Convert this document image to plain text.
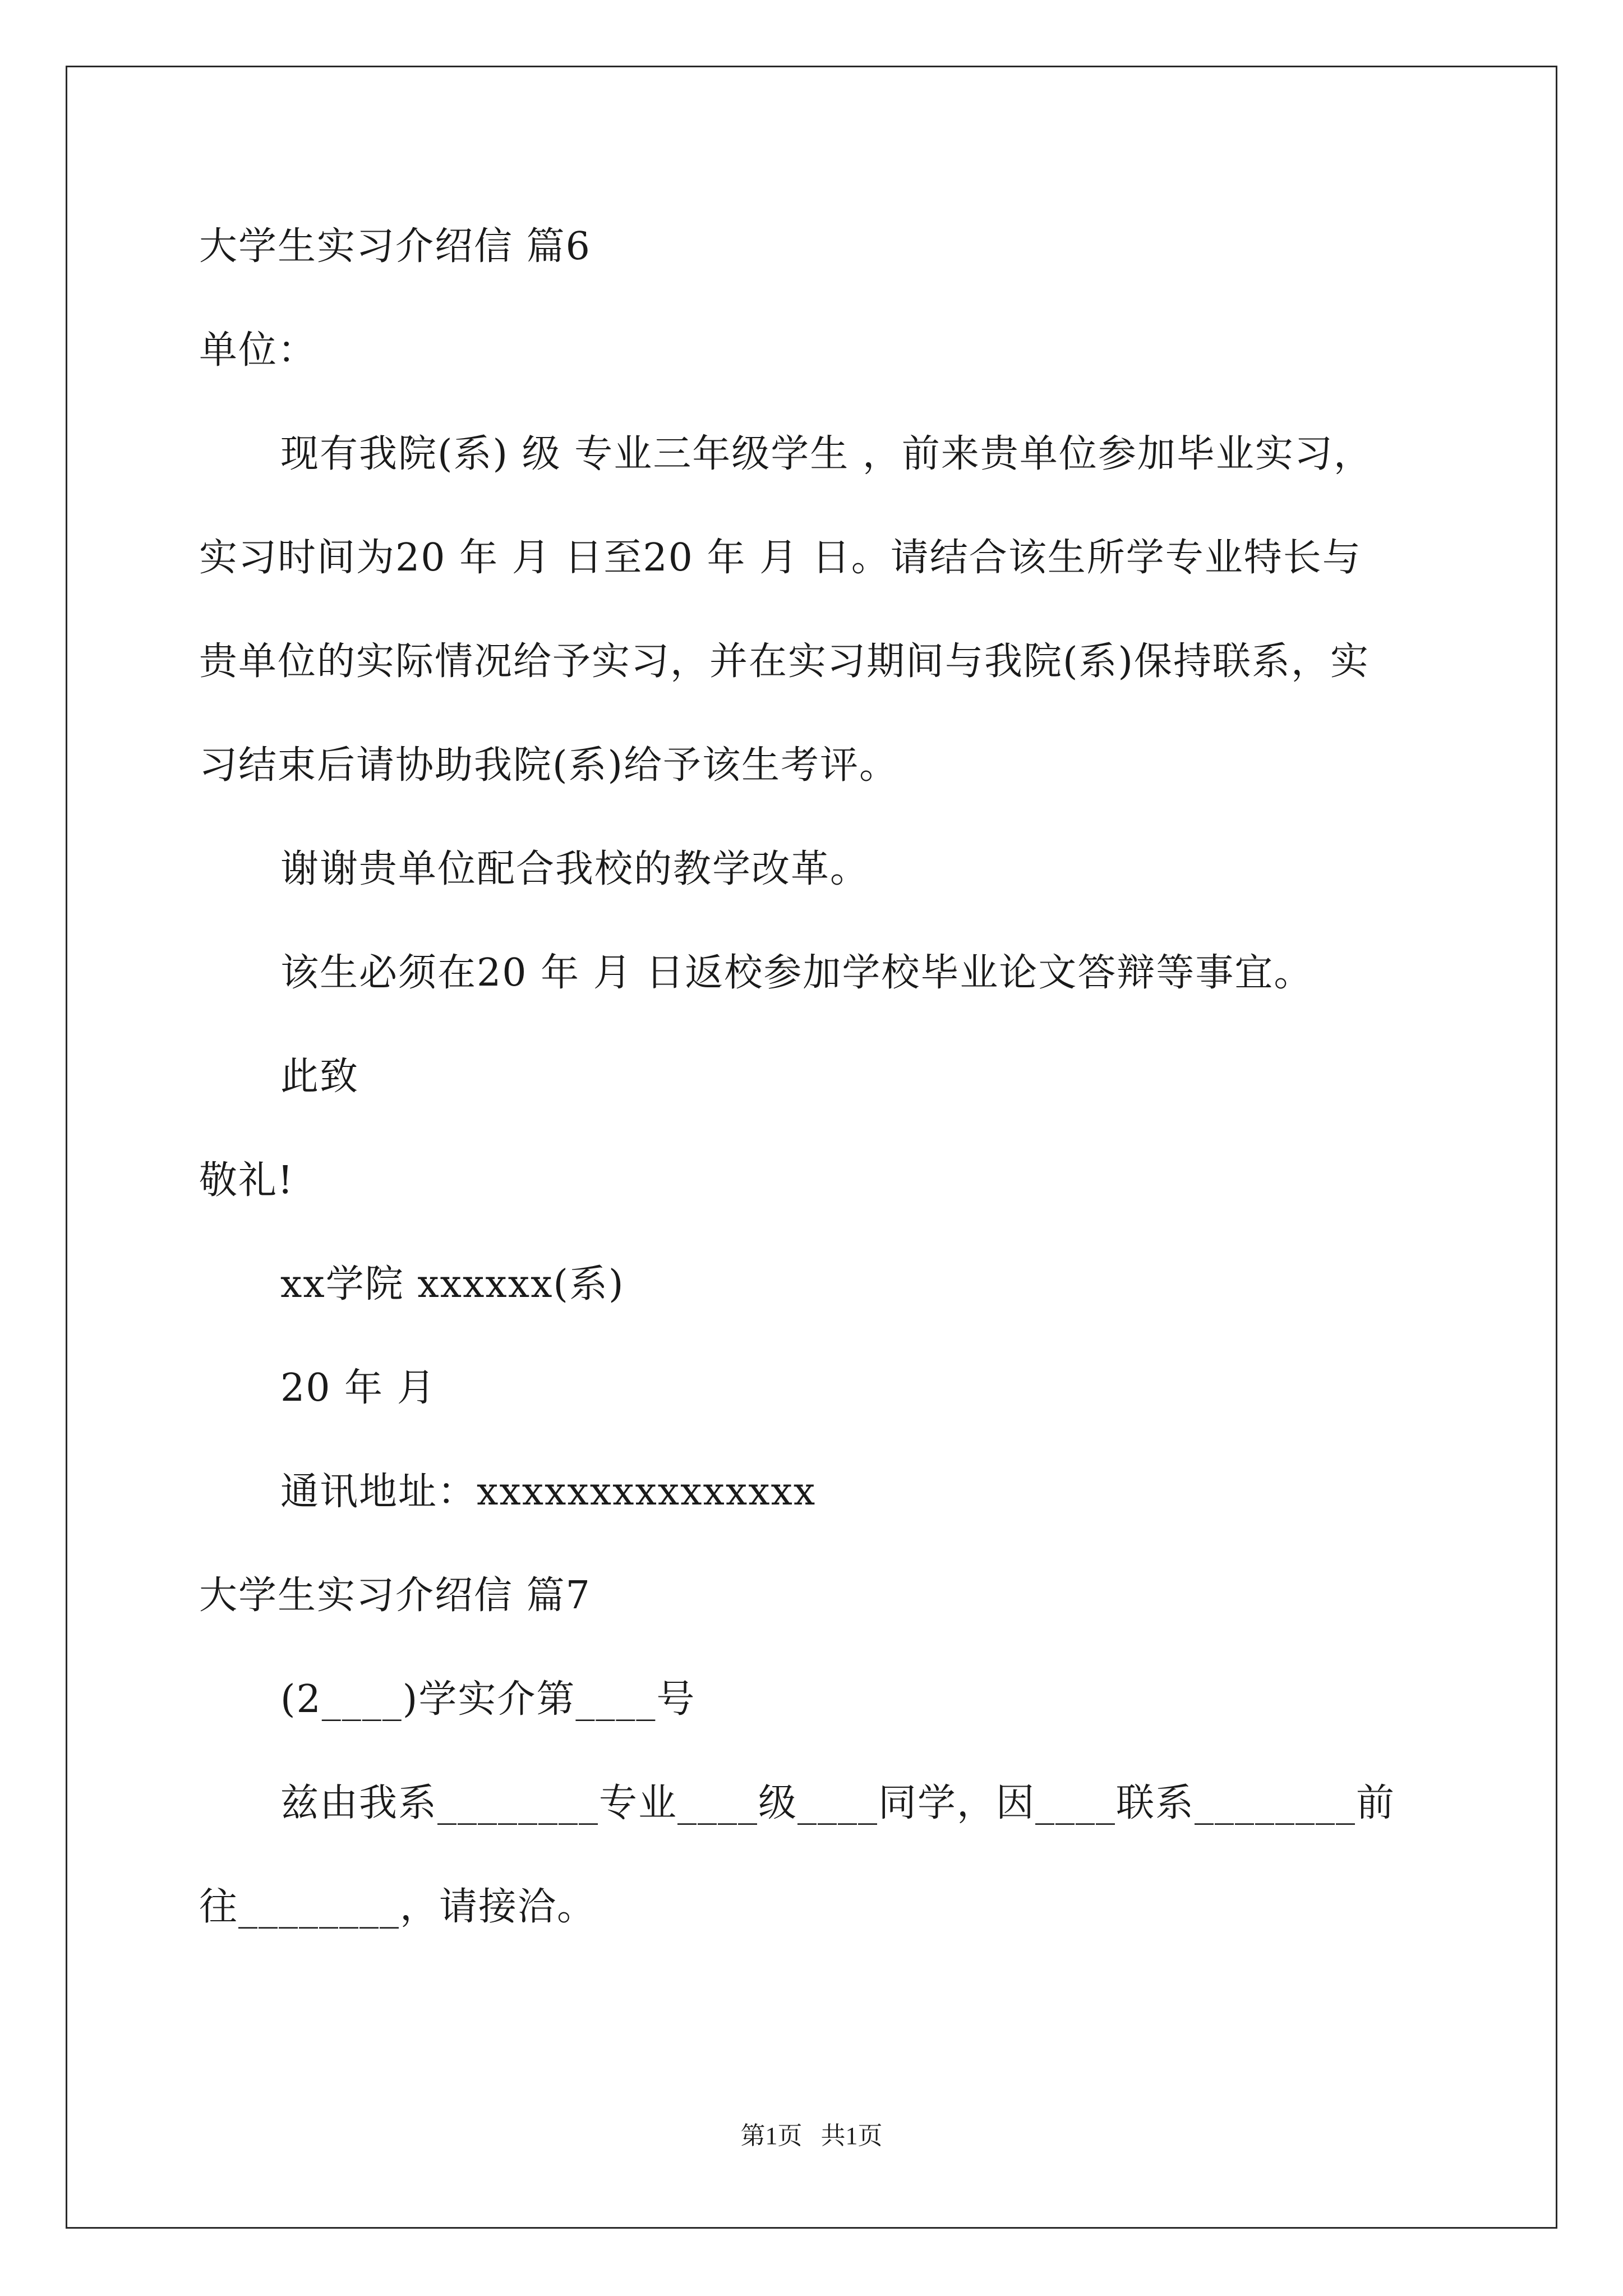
大学生实习介绍信 篇6
单位：
现有我院(系) 级 专业三年级学生 ，前来贵单位参加毕业实习，
实习时间为20 年 月 日至20 年 月 日。请结合该生所学专业特长与
贵单位的实际情况给予实习，并在实习期间与我院(系)保持联系，实
习结束后请协助我院(系)给予该生考评。
谢谢贵单位配合我校的教学改革。
该生必须在20 年 月 日返校参加学校毕业论文答辩等事宜。
此致
敬礼!
xx学院 xxxxxx(系)
20 年 月
通讯地址：xxxxxxxxxxxxxxx
大学生实习介绍信 篇7
(2____)学实介第____号
兹由我系________专业____级____同学，因____联系________前
往________，请接洽。
第1页   共1页
